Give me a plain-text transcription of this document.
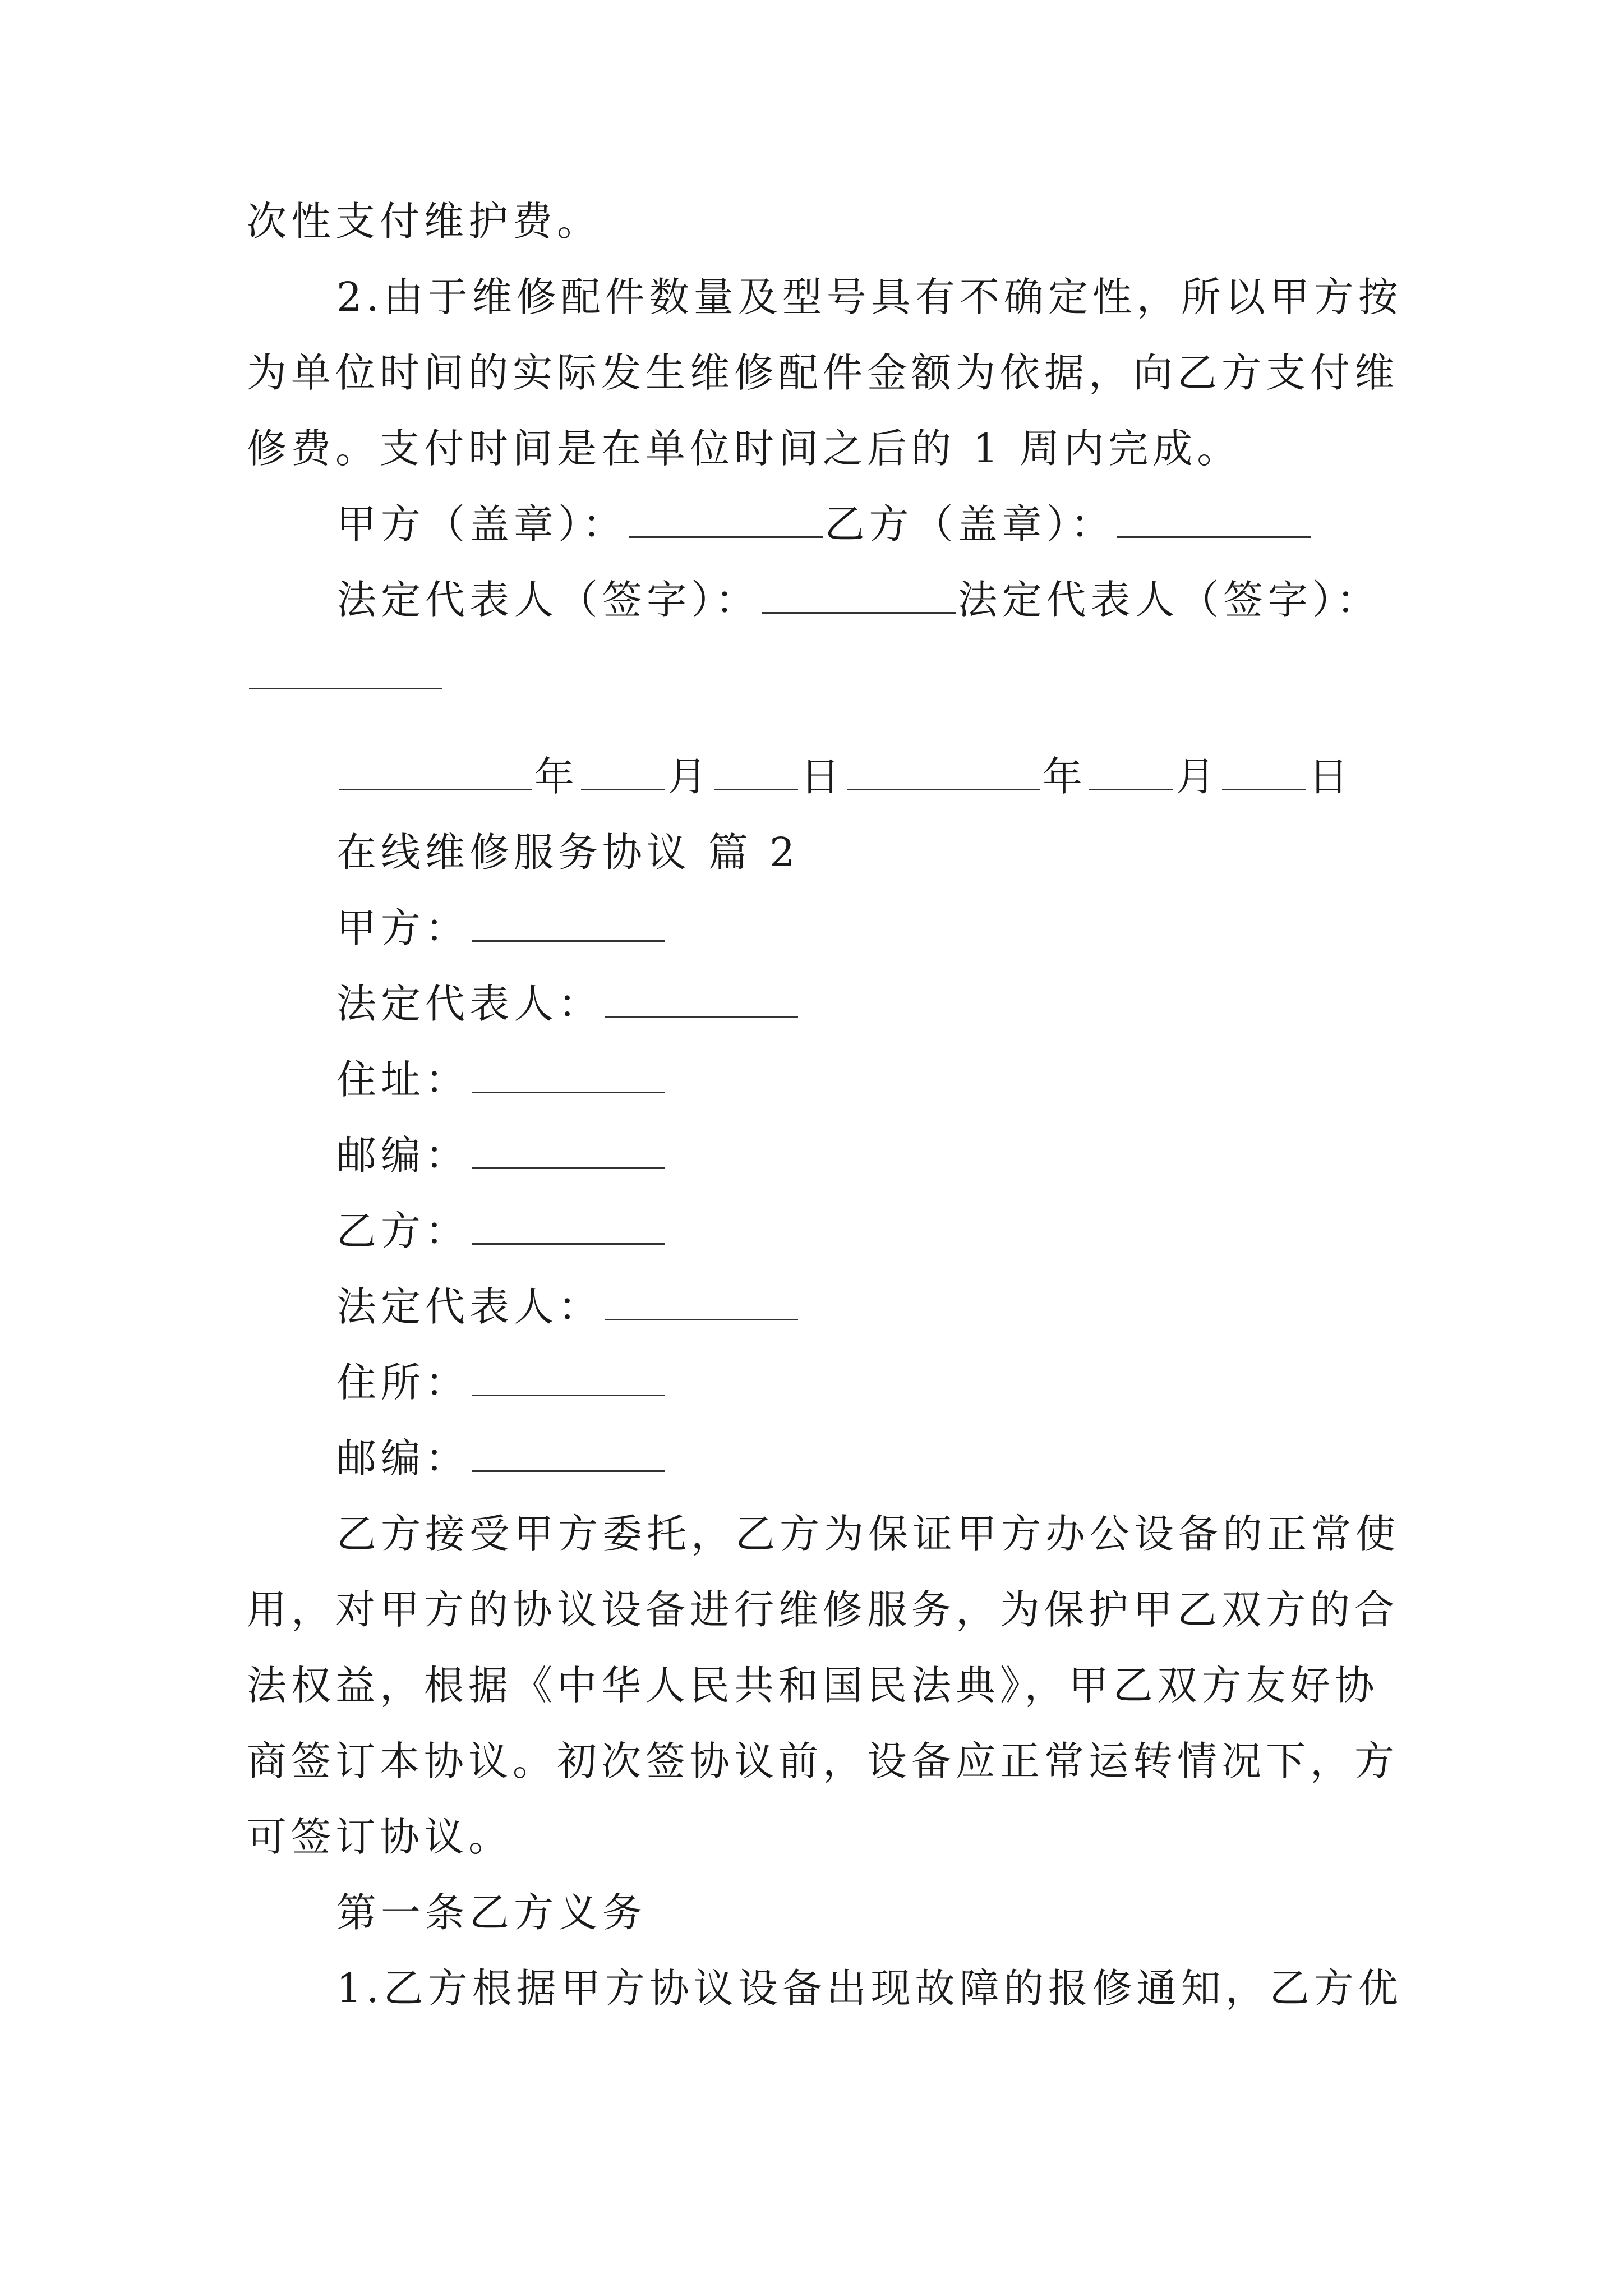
次性支付维护费。
2.由于维修配件数量及型号具有不确定性，所以甲方按
为单位时间的实际发生维修配件金额为依据，向乙方支付维
修费。支付时间是在单位时间之后的 1 周内完成。
甲方（盖章）：	乙方（盖章）：
法定代表人（签字）：	法定代表人（签字）：
年 月 日	年 月 日
在线维修服务协议 篇 2
甲方：
法定代表人：
住址：
邮编：
乙方：
法定代表人：
住所：
邮编：
乙方接受甲方委托，乙方为保证甲方办公设备的正常使
用，对甲方的协议设备进行维修服务，为保护甲乙双方的合
法权益，根据《中华人民共和国民法典》，甲乙双方友好协
商签订本协议。初次签协议前，设备应正常运转情况下，方
可签订协议。
第一条乙方义务
1.乙方根据甲方协议设备出现故障的报修通知，乙方优
